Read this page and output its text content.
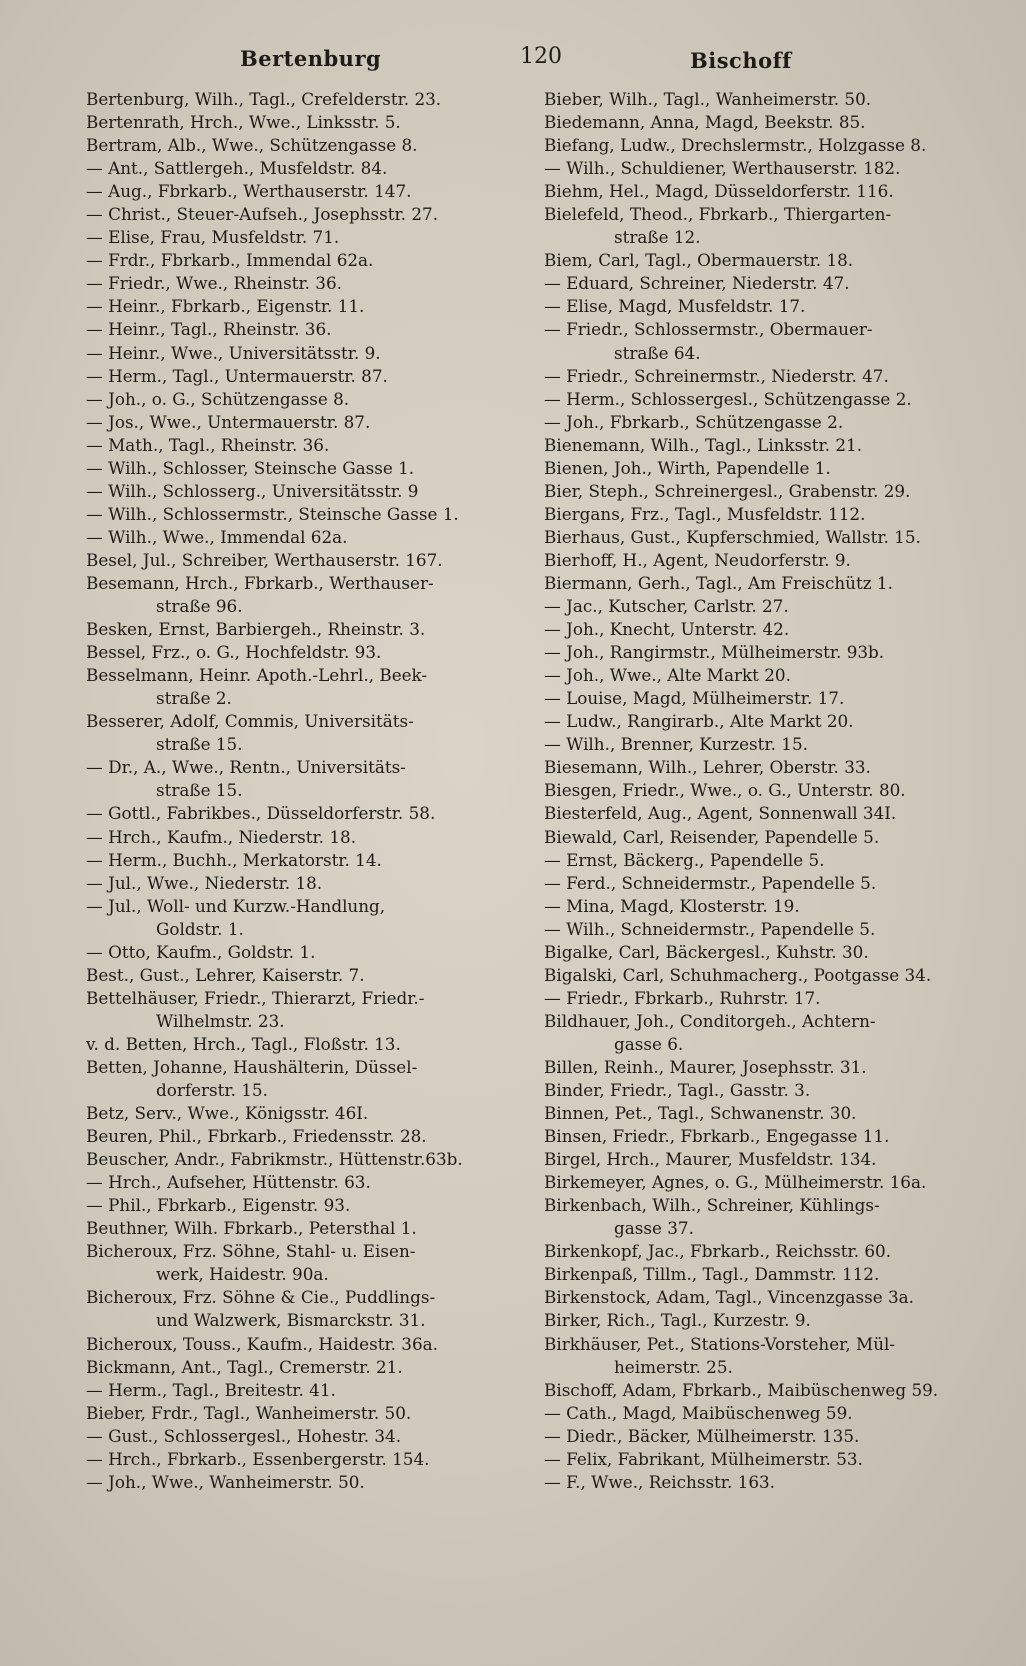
Bertenburg	120	Bischoff
Bertenburg, Wilh., Tagl., Crefelderstr. 23.
Bertenrath, Hrch., Wwe., Linksstr. 5.
Bertram, Alb., Wwe., Schützengasse 8.
— Ant., Sattlergeh., Musfeldstr. 84.
— Aug., Fbrkarb., Werthauserstr. 147.
— Christ., Steuer-Aufseh., Josephsstr. 27.
— Elise, Frau, Musfeldstr. 71.
— Frdr., Fbrkarb., Immendal 62a.
— Friedr., Wwe., Rheinstr. 36.
— Heinr., Fbrkarb., Eigenstr. 11.
— Heinr., Tagl., Rheinstr. 36.
— Heinr., Wwe., Universitätsstr. 9.
— Herm., Tagl., Untermauerstr. 87.
— Joh., o. G., Schützengasse 8.
— Jos., Wwe., Untermauerstr. 87.
— Math., Tagl., Rheinstr. 36.
— Wilh., Schlosser, Steinsche Gasse 1.
— Wilh., Schlosserg., Universitätsstr. 9
— Wilh., Schlossermstr., Steinsche Gasse 1.
— Wilh., Wwe., Immendal 62a.
Besel, Jul., Schreiber, Werthauserstr. 167.
Besemann, Hrch., Fbrkarb., Werthauser-
straße 96.
Besken, Ernst, Barbiergeh., Rheinstr. 3.
Bessel, Frz., o. G., Hochfeldstr. 93.
Besselmann, Heinr. Apoth.-Lehrl., Beek-
straße 2.
Besserer, Adolf, Commis, Universitäts-
straße 15.
— Dr., A., Wwe., Rentn., Universitäts-
straße 15.
— Gottl., Fabrikbes., Düsseldorferstr. 58.
— Hrch., Kaufm., Niederstr. 18.
— Herm., Buchh., Merkatorstr. 14.
— Jul., Wwe., Niederstr. 18.
— Jul., Woll- und Kurzw.-Handlung,
Goldstr. 1.
— Otto, Kaufm., Goldstr. 1.
Best., Gust., Lehrer, Kaiserstr. 7.
Bettelhäuser, Friedr., Thierarzt, Friedr.-
Wilhelmstr. 23.
v. d. Betten, Hrch., Tagl., Floßstr. 13.
Betten, Johanne, Haushälterin, Düssel-
dorferstr. 15.
Betz, Serv., Wwe., Königsstr. 46I.
Beuren, Phil., Fbrkarb., Friedensstr. 28.
Beuscher, Andr., Fabrikmstr., Hüttenstr.63b.
— Hrch., Aufseher, Hüttenstr. 63.
— Phil., Fbrkarb., Eigenstr. 93.
Beuthner, Wilh. Fbrkarb., Petersthal 1.
Bicheroux, Frz. Söhne, Stahl- u. Eisen-
werk, Haidestr. 90a.
Bicheroux, Frz. Söhne & Cie., Puddlings-
und Walzwerk, Bismarckstr. 31.
Bicheroux, Touss., Kaufm., Haidestr. 36a.
Bickmann, Ant., Tagl., Cremerstr. 21.
— Herm., Tagl., Breitestr. 41.
Bieber, Frdr., Tagl., Wanheimerstr. 50.
— Gust., Schlossergesl., Hohestr. 34.
— Hrch., Fbrkarb., Essenbergerstr. 154.
— Joh., Wwe., Wanheimerstr. 50.
Bieber, Wilh., Tagl., Wanheimerstr. 50.
Biedemann, Anna, Magd, Beekstr. 85.
Biefang, Ludw., Drechslermstr., Holzgasse 8.
— Wilh., Schuldiener, Werthauserstr. 182.
Biehm, Hel., Magd, Düsseldorferstr. 116.
Bielefeld, Theod., Fbrkarb., Thiergarten-
straße 12.
Biem, Carl, Tagl., Obermauerstr. 18.
— Eduard, Schreiner, Niederstr. 47.
— Elise, Magd, Musfeldstr. 17.
— Friedr., Schlossermstr., Obermauer-
straße 64.
— Friedr., Schreinermstr., Niederstr. 47.
— Herm., Schlossergesl., Schützengasse 2.
— Joh., Fbrkarb., Schützengasse 2.
Bienemann, Wilh., Tagl., Linksstr. 21.
Bienen, Joh., Wirth, Papendelle 1.
Bier, Steph., Schreinergesl., Grabenstr. 29.
Biergans, Frz., Tagl., Musfeldstr. 112.
Bierhaus, Gust., Kupferschmied, Wallstr. 15.
Bierhoff, H., Agent, Neudorferstr. 9.
Biermann, Gerh., Tagl., Am Freischütz 1.
— Jac., Kutscher, Carlstr. 27.
— Joh., Knecht, Unterstr. 42.
— Joh., Rangirmstr., Mülheimerstr. 93b.
— Joh., Wwe., Alte Markt 20.
— Louise, Magd, Mülheimerstr. 17.
— Ludw., Rangirarb., Alte Markt 20.
— Wilh., Brenner, Kurzestr. 15.
Biesemann, Wilh., Lehrer, Oberstr. 33.
Biesgen, Friedr., Wwe., o. G., Unterstr. 80.
Biesterfeld, Aug., Agent, Sonnenwall 34I.
Biewald, Carl, Reisender, Papendelle 5.
— Ernst, Bäckerg., Papendelle 5.
— Ferd., Schneidermstr., Papendelle 5.
— Mina, Magd, Klosterstr. 19.
— Wilh., Schneidermstr., Papendelle 5.
Bigalke, Carl, Bäckergesl., Kuhstr. 30.
Bigalski, Carl, Schuhmacherg., Pootgasse 34.
— Friedr., Fbrkarb., Ruhrstr. 17.
Bildhauer, Joh., Conditorgeh., Achtern-
gasse 6.
Billen, Reinh., Maurer, Josephsstr. 31.
Binder, Friedr., Tagl., Gasstr. 3.
Binnen, Pet., Tagl., Schwanenstr. 30.
Binsen, Friedr., Fbrkarb., Engegasse 11.
Birgel, Hrch., Maurer, Musfeldstr. 134.
Birkemeyer, Agnes, o. G., Mülheimerstr. 16a.
Birkenbach, Wilh., Schreiner, Kühlings-
gasse 37.
Birkenkopf, Jac., Fbrkarb., Reichsstr. 60.
Birkenpaß, Tillm., Tagl., Dammstr. 112.
Birkenstock, Adam, Tagl., Vincenzgasse 3a.
Birker, Rich., Tagl., Kurzestr. 9.
Birkhäuser, Pet., Stations-Vorsteher, Mül-
heimerstr. 25.
Bischoff, Adam, Fbrkarb., Maibüschenweg 59.
— Cath., Magd, Maibüschenweg 59.
— Diedr., Bäcker, Mülheimerstr. 135.
— Felix, Fabrikant, Mülheimerstr. 53.
— F., Wwe., Reichsstr. 163.
